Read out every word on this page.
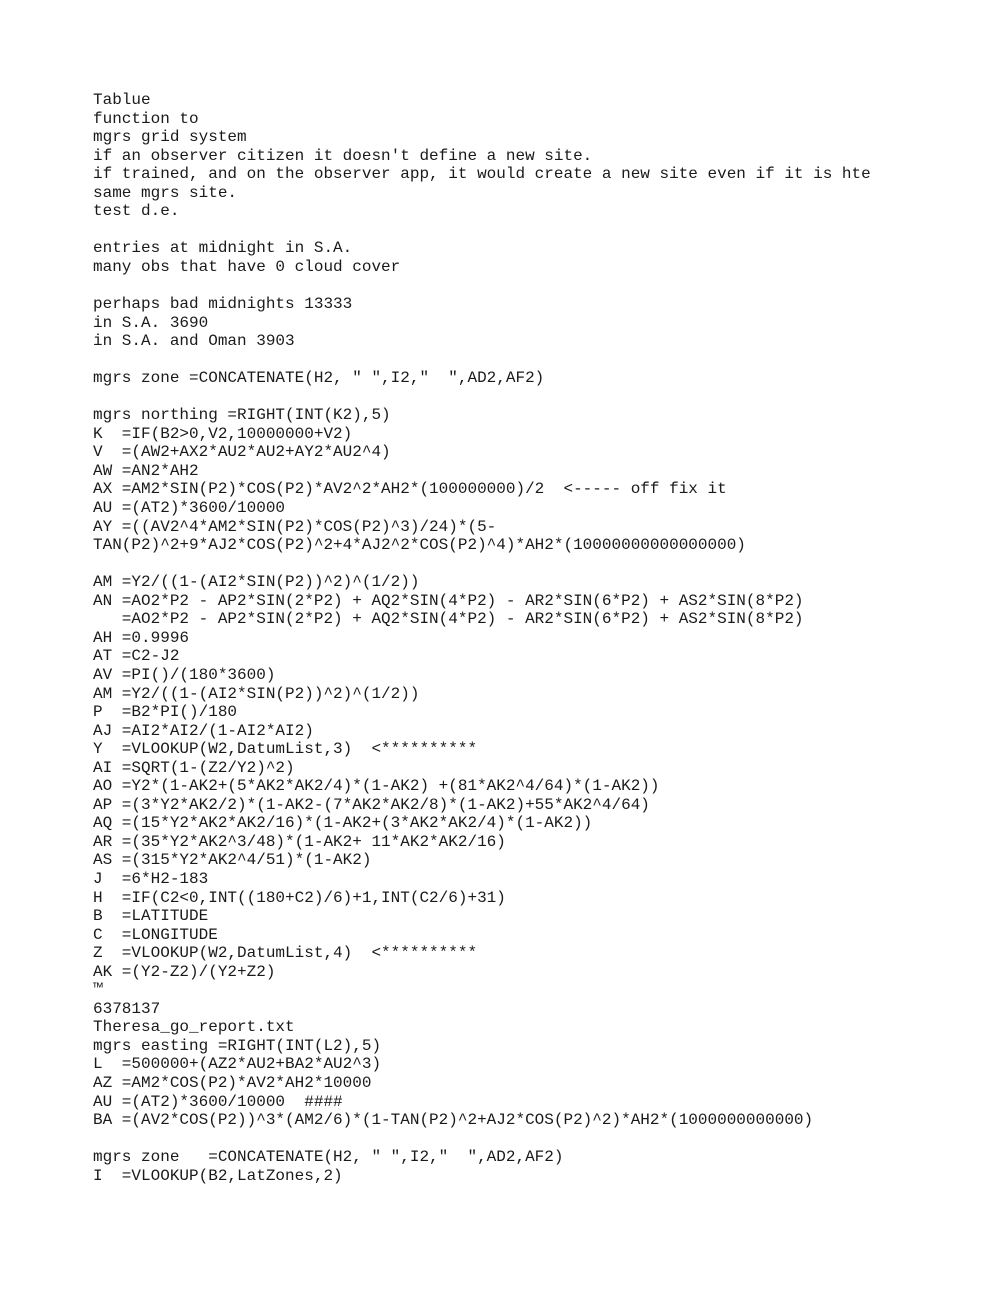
Tablue
function to
mgrs grid system
if an observer citizen it doesn't define a new site.
if trained, and on the observer app, it would create a new site even if it is hte
same mgrs site.
test d.e.
entries at midnight in S.A.
many obs that have 0 cloud cover
perhaps bad midnights 13333
in S.A. 3690
in S.A. and Oman 3903
mgrs zone =CONCATENATE(H2, " ",I2,"  ",AD2,AF2)
mgrs northing =RIGHT(INT(K2),5)
K  =IF(B2>0,V2,10000000+V2)
V  =(AW2+AX2*AU2*AU2+AY2*AU2^4)
AW =AN2*AH2
AX =AM2*SIN(P2)*COS(P2)*AV2^2*AH2*(100000000)/2  <----- off fix it
AU =(AT2)*3600/10000
AY =((AV2^4*AM2*SIN(P2)*COS(P2)^3)/24)*(5-
TAN(P2)^2+9*AJ2*COS(P2)^2+4*AJ2^2*COS(P2)^4)*AH2*(10000000000000000)
AM =Y2/((1-(AI2*SIN(P2))^2)^(1/2))
AN =AO2*P2 - AP2*SIN(2*P2) + AQ2*SIN(4*P2) - AR2*SIN(6*P2) + AS2*SIN(8*P2)
=AO2*P2 - AP2*SIN(2*P2) + AQ2*SIN(4*P2) - AR2*SIN(6*P2) + AS2*SIN(8*P2)
AH =0.9996
AT =C2-J2
AV =PI()/(180*3600)
AM =Y2/((1-(AI2*SIN(P2))^2)^(1/2))
P  =B2*PI()/180
AJ =AI2*AI2/(1-AI2*AI2)
Y  =VLOOKUP(W2,DatumList,3)  <**********
AI =SQRT(1-(Z2/Y2)^2)
AO =Y2*(1-AK2+(5*AK2*AK2/4)*(1-AK2) +(81*AK2^4/64)*(1-AK2))
AP =(3*Y2*AK2/2)*(1-AK2-(7*AK2*AK2/8)*(1-AK2)+55*AK2^4/64)
AQ =(15*Y2*AK2*AK2/16)*(1-AK2+(3*AK2*AK2/4)*(1-AK2))
AR =(35*Y2*AK2^3/48)*(1-AK2+ 11*AK2*AK2/16)
AS =(315*Y2*AK2^4/51)*(1-AK2)
J  =6*H2-183
H  =IF(C2<0,INT((180+C2)/6)+1,INT(C2/6)+31)
B  =LATITUDE
C  =LONGITUDE
Z  =VLOOKUP(W2,DatumList,4)  <**********
AK =(Y2-Z2)/(Y2+Z2)
™
6378137
Theresa_go_report.txt
mgrs easting =RIGHT(INT(L2),5)
L  =500000+(AZ2*AU2+BA2*AU2^3)
AZ =AM2*COS(P2)*AV2*AH2*10000
AU =(AT2)*3600/10000  ####
BA =(AV2*COS(P2))^3*(AM2/6)*(1-TAN(P2)^2+AJ2*COS(P2)^2)*AH2*(1000000000000)
mgrs zone   =CONCATENATE(H2, " ",I2,"  ",AD2,AF2)
I  =VLOOKUP(B2,LatZones,2)
